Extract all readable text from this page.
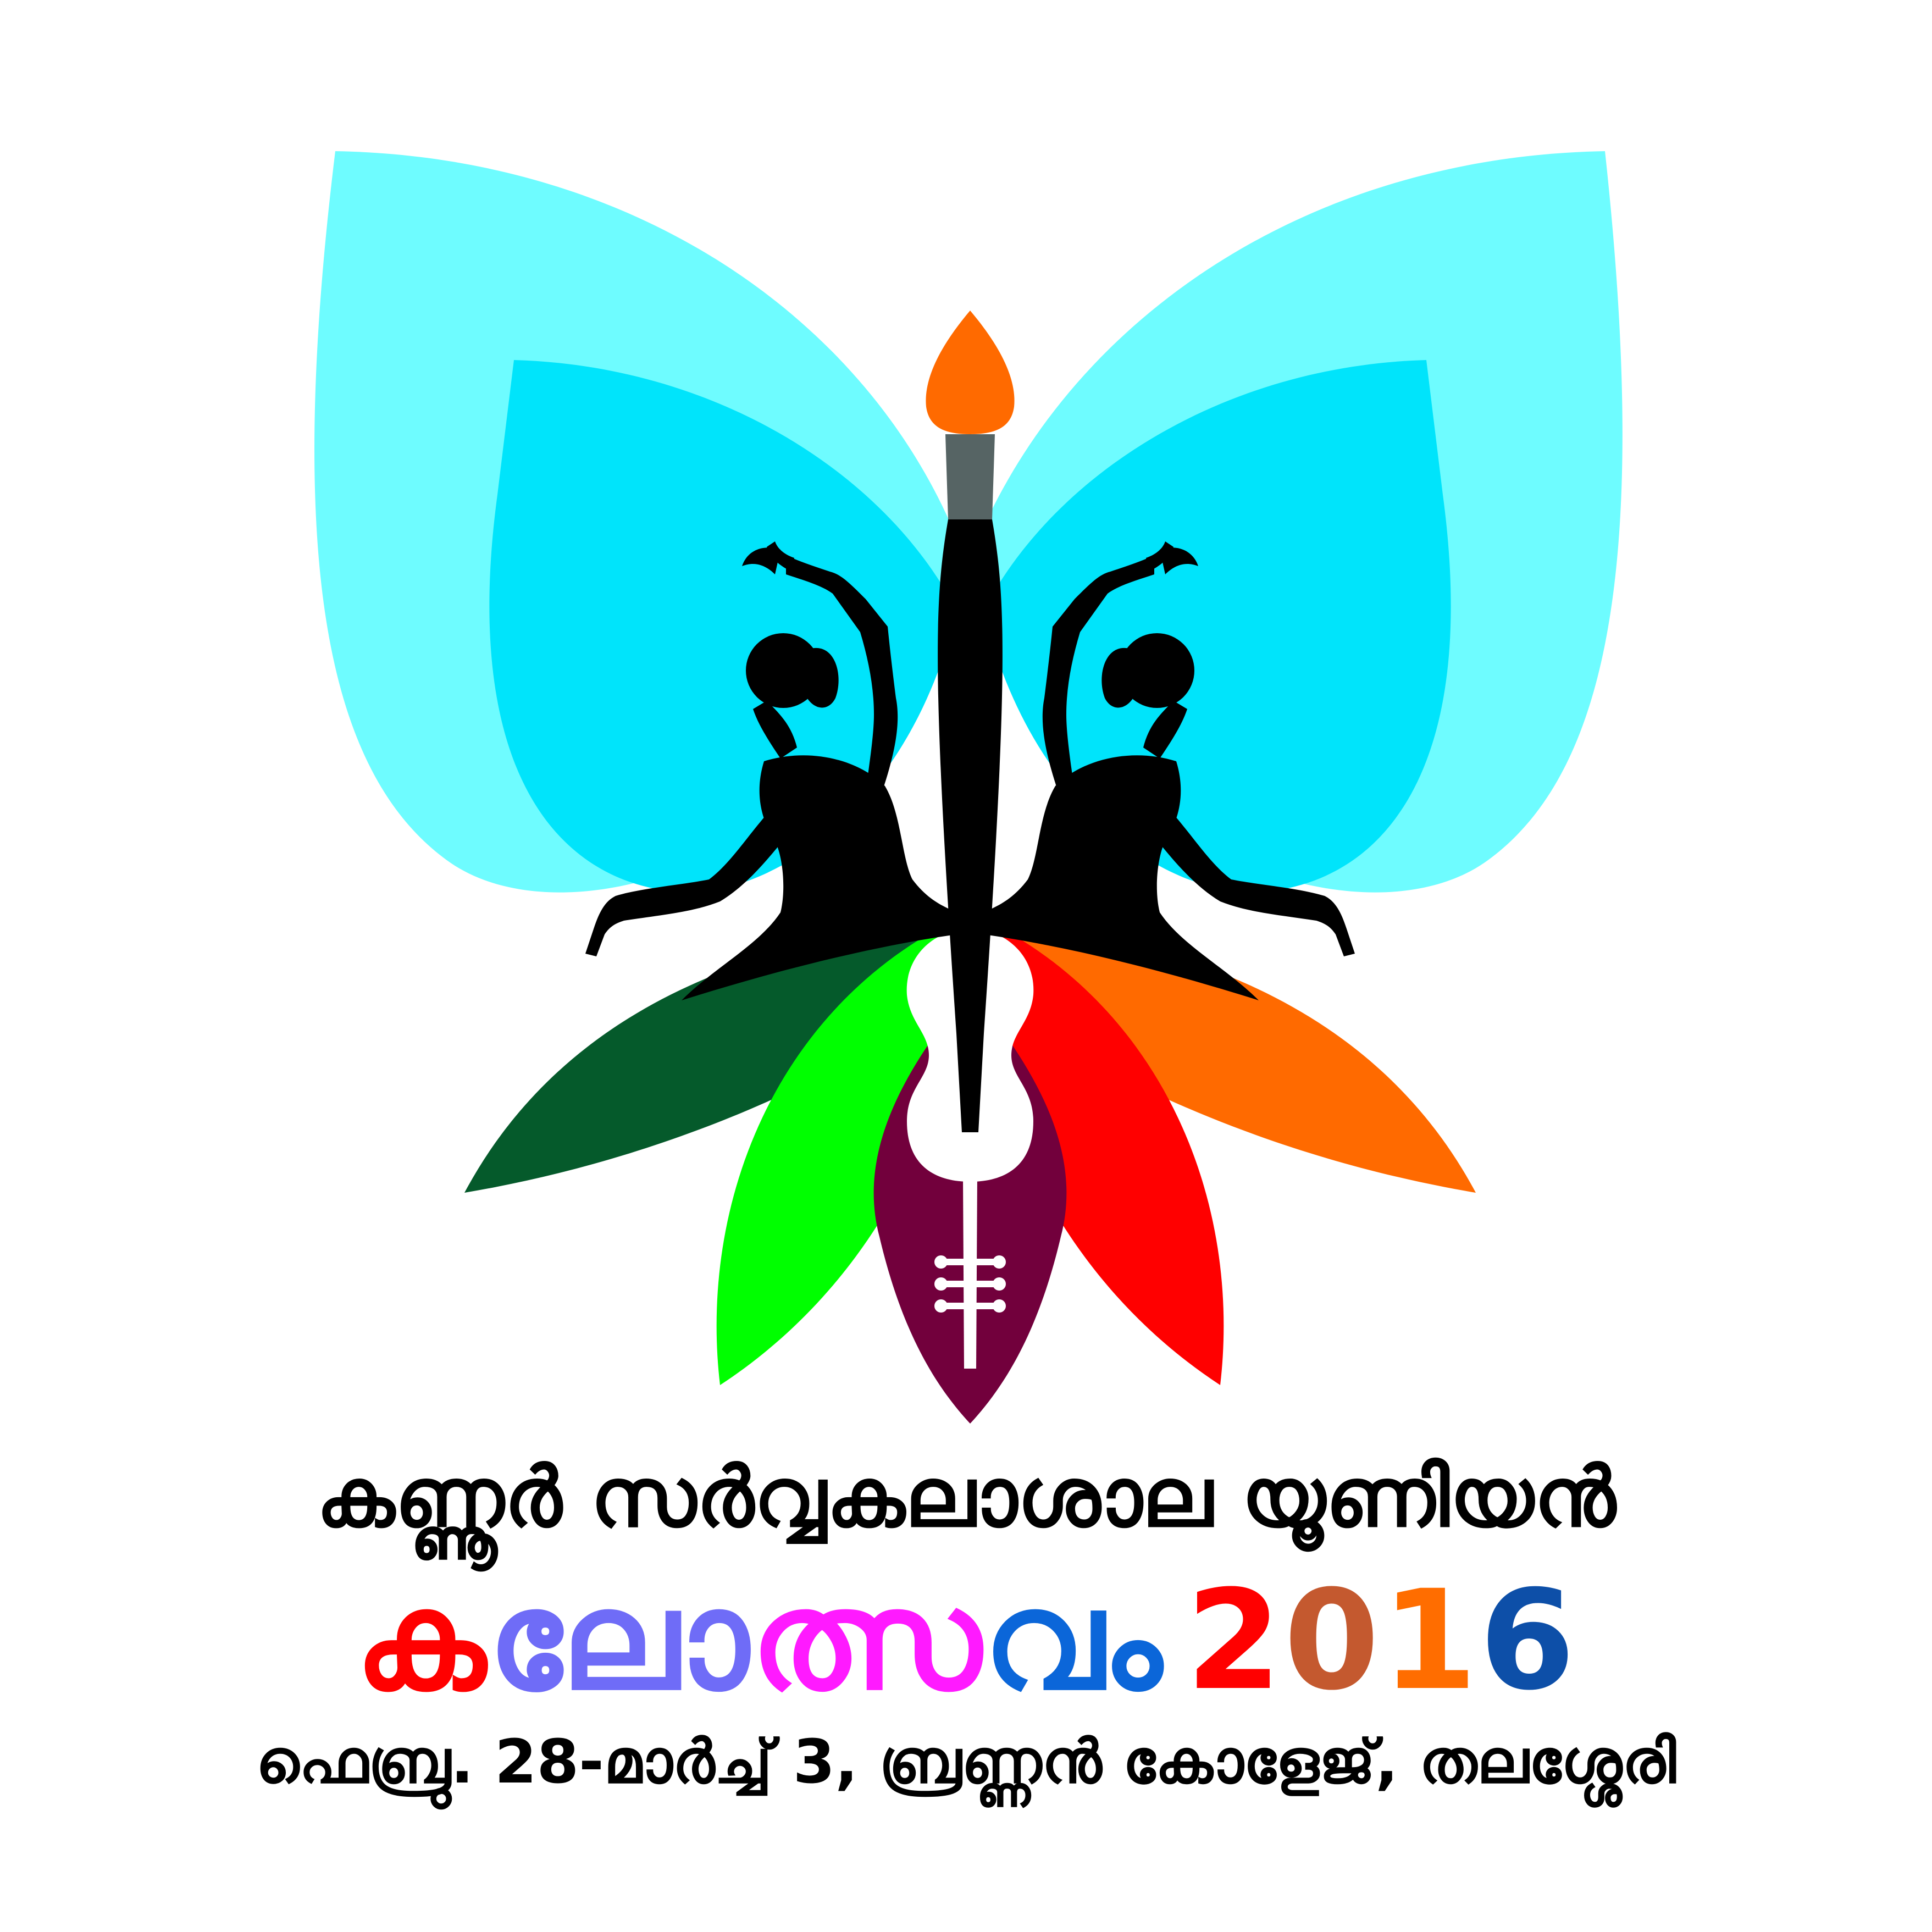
കണ്ണൂർ സർവ്വകലാശാല യൂണിയൻ
കലോത്സവം 2016
ഫെബ്രു. 28-മാർച്ച് 3, ബ്രണ്ണൻ കോളേജ്, തലശ്ശേരി
